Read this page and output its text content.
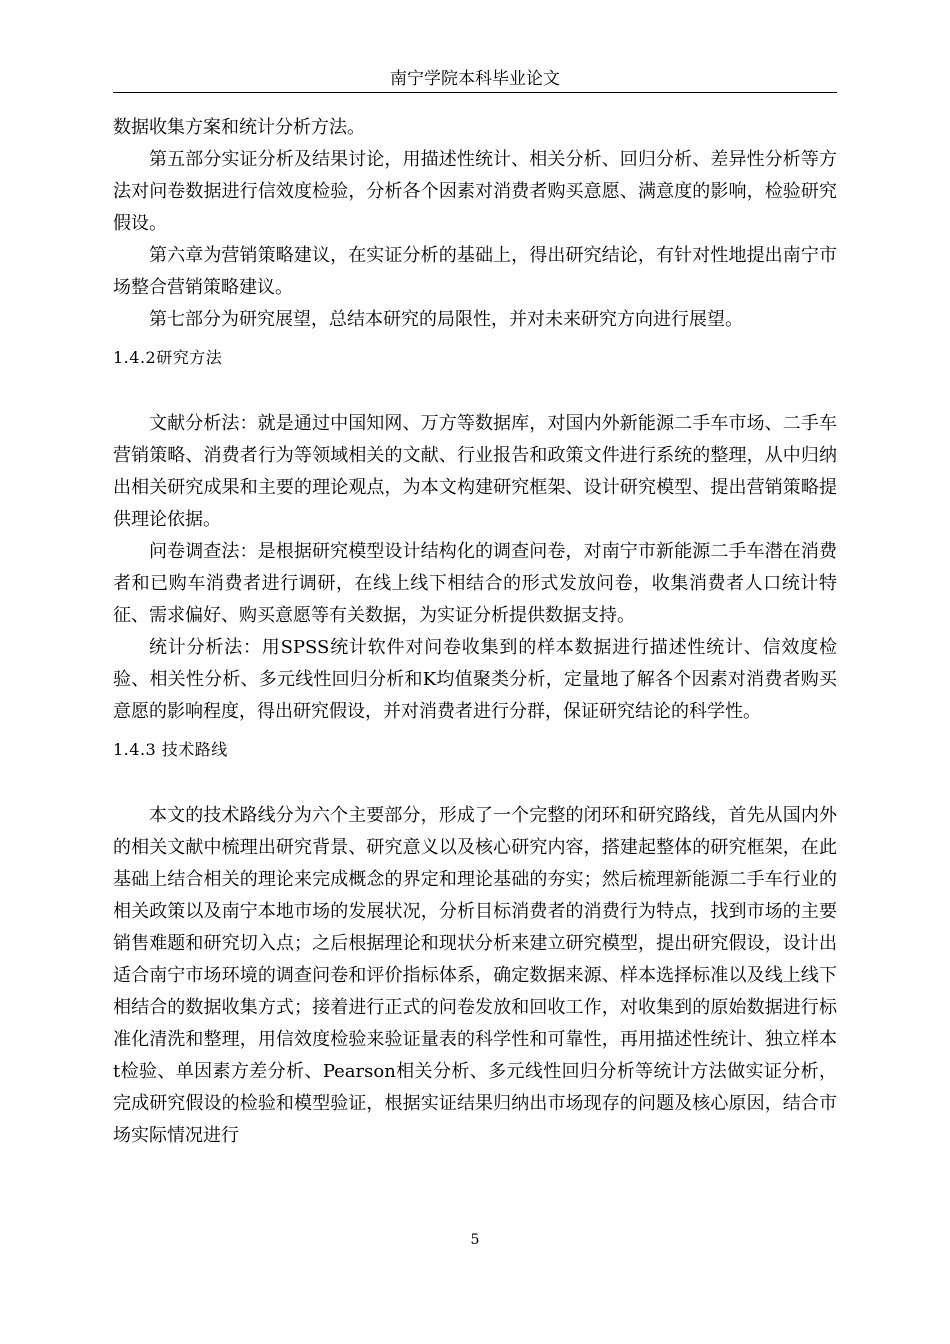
南宁学院本科毕业论文

数据收集方案和统计分析方法。

第五部分实证分析及结果讨论，用描述性统计、相关分析、回归分析、差异性分析等方法对问卷数据进行信效度检验，分析各个因素对消费者购买意愿、满意度的影响，检验研究假设。

第六章为营销策略建议，在实证分析的基础上，得出研究结论，有针对性地提出南宁市场整合营销策略建议。

第七部分为研究展望，总结本研究的局限性，并对未来研究方向进行展望。

1.4.2研究方法

文献分析法：就是通过中国知网、万方等数据库，对国内外新能源二手车市场、二手车营销策略、消费者行为等领域相关的文献、行业报告和政策文件进行系统的整理，从中归纳出相关研究成果和主要的理论观点，为本文构建研究框架、设计研究模型、提出营销策略提供理论依据。

问卷调查法：是根据研究模型设计结构化的调查问卷，对南宁市新能源二手车潜在消费者和已购车消费者进行调研，在线上线下相结合的形式发放问卷，收集消费者人口统计特征、需求偏好、购买意愿等有关数据，为实证分析提供数据支持。

统计分析法：用SPSS统计软件对问卷收集到的样本数据进行描述性统计、信效度检验、相关性分析、多元线性回归分析和K均值聚类分析，定量地了解各个因素对消费者购买意愿的影响程度，得出研究假设，并对消费者进行分群，保证研究结论的科学性。

1.4.3 技术路线

本文的技术路线分为六个主要部分，形成了一个完整的闭环和研究路线，首先从国内外的相关文献中梳理出研究背景、研究意义以及核心研究内容，搭建起整体的研究框架，在此基础上结合相关的理论来完成概念的界定和理论基础的夯实；然后梳理新能源二手车行业的相关政策以及南宁本地市场的发展状况，分析目标消费者的消费行为特点，找到市场的主要销售难题和研究切入点；之后根据理论和现状分析来建立研究模型，提出研究假设，设计出适合南宁市场环境的调查问卷和评价指标体系，确定数据来源、样本选择标准以及线上线下相结合的数据收集方式；接着进行正式的问卷发放和回收工作，对收集到的原始数据进行标准化清洗和整理，用信效度检验来验证量表的科学性和可靠性，再用描述性统计、独立样本t检验、单因素方差分析、Pearson相关分析、多元线性回归分析等统计方法做实证分析，完成研究假设的检验和模型验证，根据实证结果归纳出市场现存的问题及核心原因，结合市场实际情况进行

5
